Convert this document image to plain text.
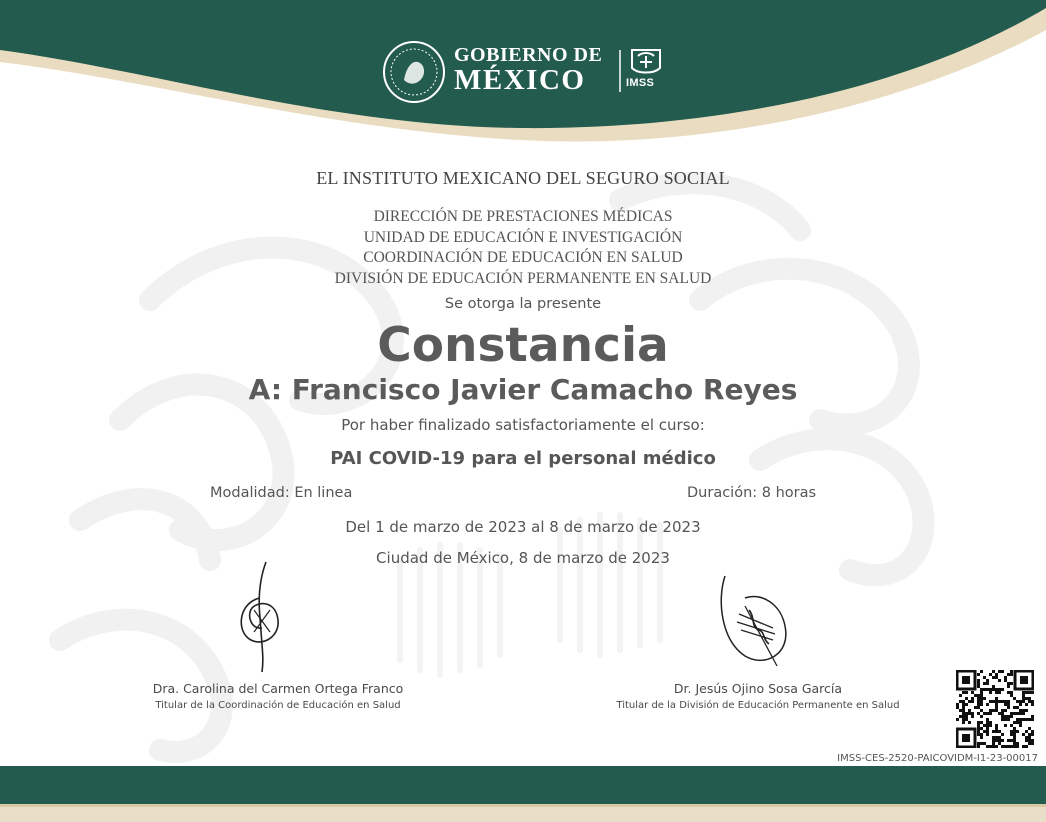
GOBIERNO DE
MÉXICO	IMSS
EL INSTITUTO MEXICANO DEL SEGURO SOCIAL
DIRECCIÓN DE PRESTACIONES MÉDICAS
UNIDAD DE EDUCACIÓN E INVESTIGACIÓN
COORDINACIÓN DE EDUCACIÓN EN SALUD
DIVISIÓN DE EDUCACIÓN PERMANENTE EN SALUD
Se otorga la presente
Constancia
A: Francisco Javier Camacho Reyes
Por haber finalizado satisfactoriamente el curso:
PAI COVID-19 para el personal médico
Modalidad: En linea	Duración: 8 horas
Del 1 de marzo de 2023 al 8 de marzo de 2023
Ciudad de México, 8 de marzo de 2023
Dra. Carolina del Carmen Ortega Franco
Titular de la Coordinación de Educación en Salud
Dr. Jesús Ojino Sosa García
Titular de la División de Educación Permanente en Salud
IMSS-CES-2520-PAICOVIDM-I1-23-00017
